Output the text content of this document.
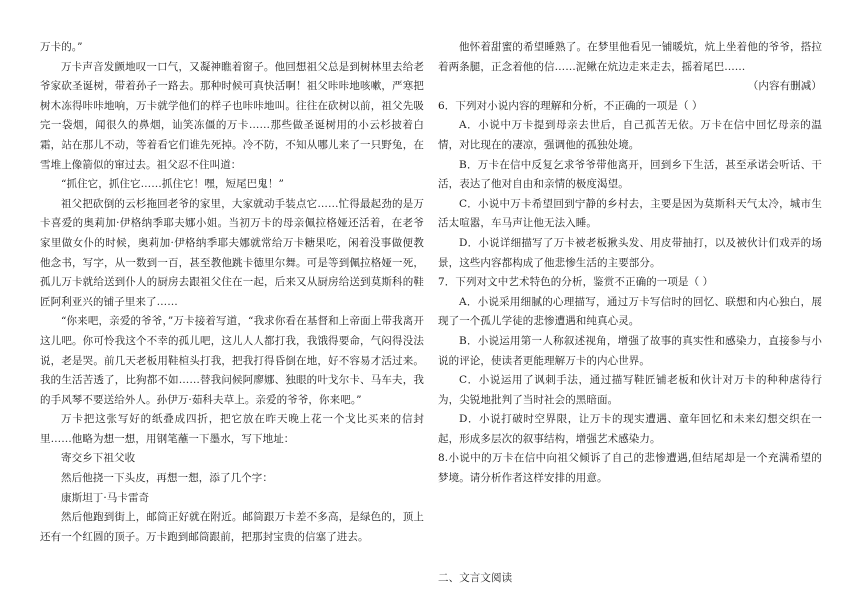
万卡的。”

万卡声音发颤地叹一口气，又凝神瞧着窗子。他回想祖父总是到树林里去给老爷家砍圣诞树，带着孙子一路去。那种时候可真快活啊！祖父咔咔地咳嗽，严寒把树木冻得咔咔地响，万卡就学他们的样子也咔咔地叫。往往在砍树以前，祖父先吸完一袋烟，闻很久的鼻烟，讪笑冻僵的万卡……那些做圣诞树用的小云杉披着白霜，站在那儿不动，等着看它们谁先死掉。冷不防，不知从哪儿来了一只野兔，在雪堆上像箭似的窜过去。祖父忍不住叫道：

“抓住它，抓住它……抓住它！嘿，短尾巴鬼！”

祖父把砍倒的云杉拖回老爷的家里，大家就动手装点它……忙得最起劲的是万卡喜爱的奥莉加·伊格纳季耶夫娜小姐。当初万卡的母亲佩拉格娅还活着，在老爷家里做女仆的时候，奥莉加·伊格纳季耶夫娜就常给万卡糖果吃，闲着没事做便教他念书，写字，从一数到一百，甚至教他跳卡德里尔舞。可是等到佩拉格娅一死，孤儿万卡就给送到仆人的厨房去跟祖父住在一起，后来又从厨房给送到莫斯科的鞋匠阿利亚兴的铺子里来了……

“你来吧，亲爱的爷爷，”万卡接着写道，“我求你看在基督和上帝面上带我离开这儿吧。你可怜我这个不幸的孤儿吧，这儿人人都打我，我饿得要命，气闷得没法说，老是哭。前几天老板用鞋楦头打我，把我打得昏倒在地，好不容易才活过来。我的生活苦透了，比狗都不如……替我问候阿廖娜、独眼的叶戈尔卡、马车夫，我的手风琴不要送给外人。孙伊万·茹科夫草上。亲爱的爷爷，你来吧。”

万卡把这张写好的纸叠成四折，把它放在昨天晚上花一个戈比买来的信封里……他略为想一想，用钢笔蘸一下墨水，写下地址：

寄交乡下祖父收

然后他挠一下头皮，再想一想，添了几个字：

康斯坦丁·马卡雷奇

然后他跑到街上，邮筒正好就在附近。邮筒跟万卡差不多高，是绿色的，顶上还有一个红圆的顶子。万卡跑到邮筒跟前，把那封宝贵的信塞了进去。

他怀着甜蜜的希望睡熟了。在梦里他看见一铺暖炕，炕上坐着他的爷爷，搭拉着两条腿，正念着他的信……泥鳅在炕边走来走去，摇着尾巴……

（内容有删减）

6．下列对小说内容的理解和分析，不正确的一项是（ ）

A．小说中万卡提到母亲去世后，自己孤苦无依。万卡在信中回忆母亲的温情，对比现在的凄凉，强调他的孤独处境。

B．万卡在信中反复乞求爷爷带他离开，回到乡下生活，甚至承诺会听话、干活，表达了他对自由和亲情的极度渴望。

C．小说中万卡希望回到宁静的乡村去，主要是因为莫斯科天气太冷，城市生活太喧嚣，车马声让他无法入睡。

D．小说详细描写了万卡被老板揪头发、用皮带抽打，以及被伙计们戏弄的场景，这些内容都构成了他悲惨生活的主要部分。

7．下列对文中艺术特色的分析，鉴赏不正确的一项是（ ）

A．小说采用细腻的心理描写，通过万卡写信时的回忆、联想和内心独白，展现了一个孤儿学徒的悲惨遭遇和纯真心灵。

B．小说运用第一人称叙述视角，增强了故事的真实性和感染力，直接参与小说的评论，使读者更能理解万卡的内心世界。

C．小说运用了讽刺手法，通过描写鞋匠铺老板和伙计对万卡的种种虐待行为，尖锐地批判了当时社会的黑暗面。

D．小说打破时空界限，让万卡的现实遭遇、童年回忆和未来幻想交织在一起，形成多层次的叙事结构，增强艺术感染力。

8.小说中的万卡在信中向祖父倾诉了自己的悲惨遭遇,但结尾却是一个充满希望的梦境。请分析作者这样安排的用意。

二、文言文阅读
